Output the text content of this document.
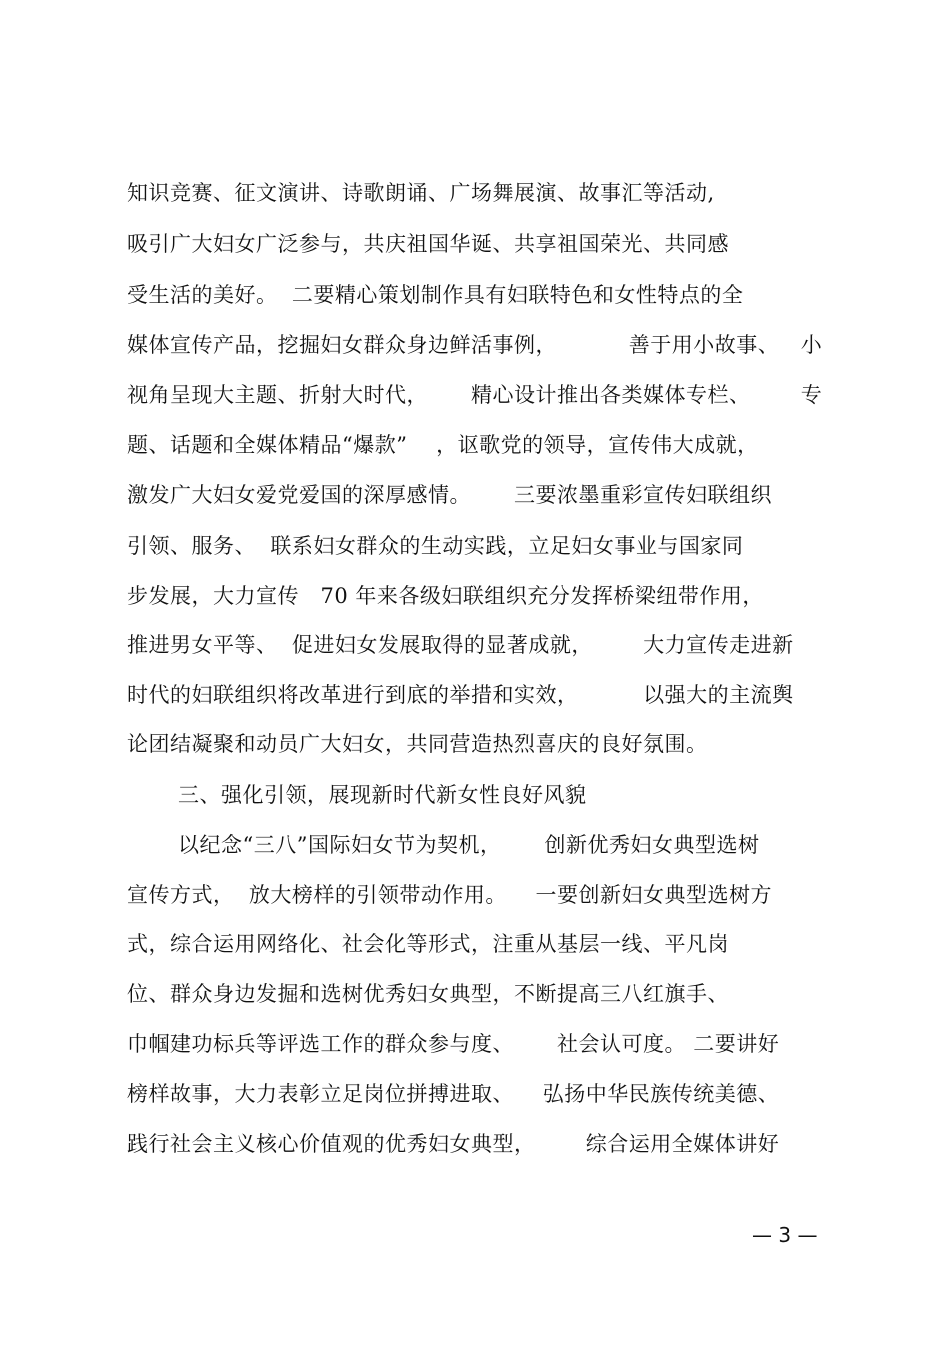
知识竞赛、征文演讲、诗歌朗诵、广场舞展演、故事汇等活动,
吸引广大妇女广泛参与，共庆祖国华诞、共享祖国荣光、共同感
受生活的美好。  二要精心策划制作具有妇联特色和女性特点的全
媒体宣传产品，挖掘妇女群众身边鲜活事例，          善于用小故事、   小
视角呈现大主题、折射大时代，      精心设计推出各类媒体专栏、       专
题、话题和全媒体精品“爆款”    ，讴歌党的领导，宣传伟大成就，
激发广大妇女爱党爱国的深厚感情。      三要浓墨重彩宣传妇联组织
引领、服务、  联系妇女群众的生动实践，立足妇女事业与国家同
步发展，大力宣传   70 年来各级妇联组织充分发挥桥梁纽带作用，
推进男女平等、  促进妇女发展取得的显著成就，       大力宣传走进新
时代的妇联组织将改革进行到底的举措和实效，         以强大的主流舆
论团结凝聚和动员广大妇女，共同营造热烈喜庆的良好氛围。
三、强化引领，展现新时代新女性良好风貌
以纪念“三八”国际妇女节为契机，      创新优秀妇女典型选树
宣传方式，  放大榜样的引领带动作用。    一要创新妇女典型选树方
式，综合运用网络化、社会化等形式，注重从基层一线、平凡岗
位、群众身边发掘和选树优秀妇女典型，不断提高三八红旗手、
巾帼建功标兵等评选工作的群众参与度、      社会认可度。 二要讲好
榜样故事，大力表彰立足岗位拼搏进取、    弘扬中华民族传统美德、
践行社会主义核心价值观的优秀妇女典型，       综合运用全媒体讲好
— 3 —
